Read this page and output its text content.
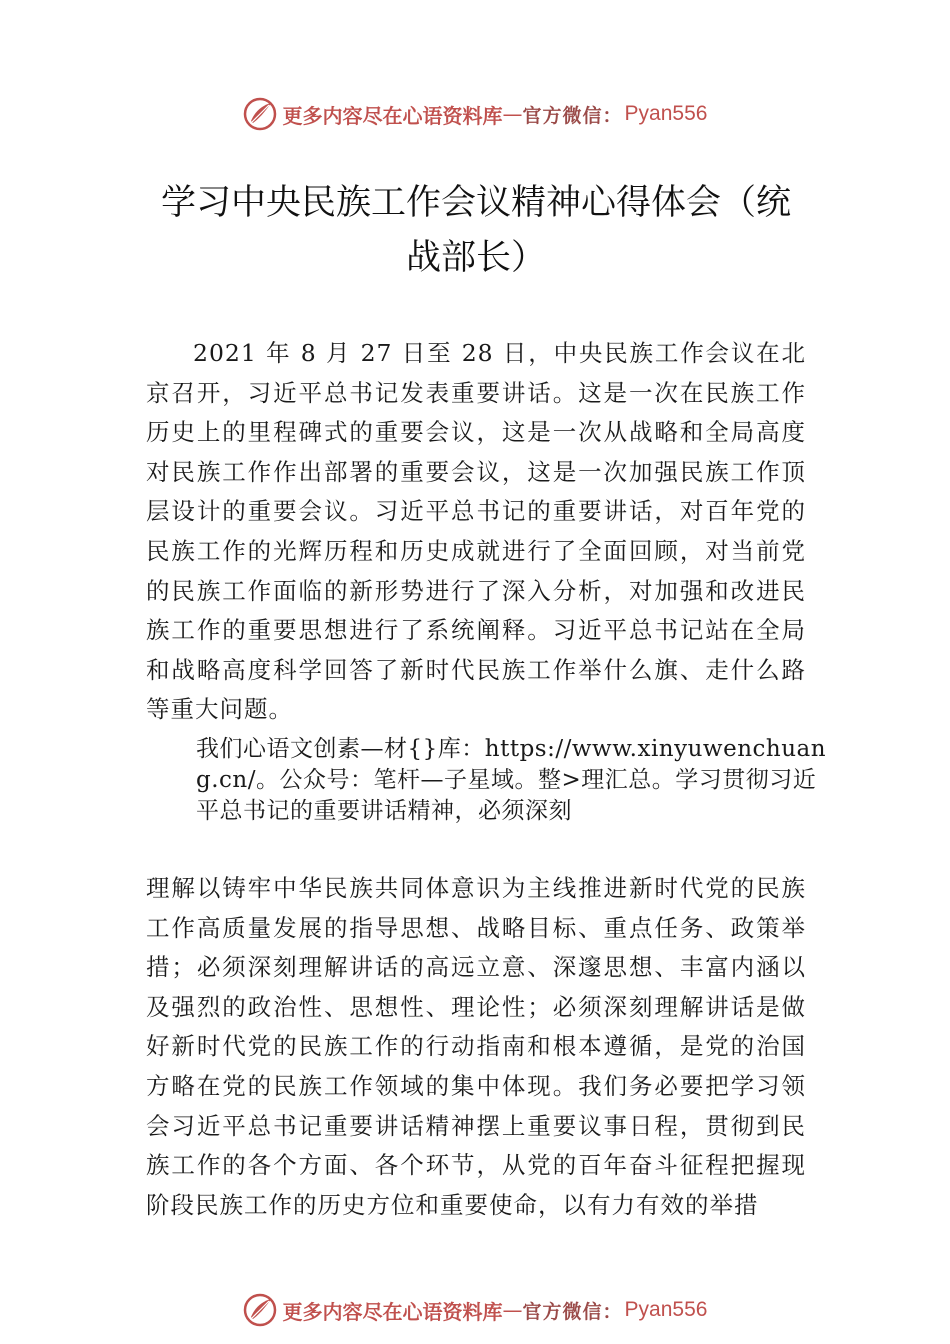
更多内容尽在心语资料库 — 官方微信： Pyan556
学习中央民族工作会议精神心得体会（统战部长）

2021 年 8 月 27 日至 28 日，中央民族工作会议在北京召开，习近平总书记发表重要讲话。这是一次在民族工作历史上的里程碑式的重要会议，这是一次从战略和全局高度对民族工作作出部署的重要会议，这是一次加强民族工作顶层设计的重要会议。习近平总书记的重要讲话，对百年党的民族工作的光辉历程和历史成就进行了全面回顾，对当前党的民族工作面临的新形势进行了深入分析，对加强和改进民族工作的重要思想进行了系统阐释。习近平总书记站在全局和战略高度科学回答了新时代民族工作举什么旗、走什么路等重大问题。

我们心语文创素—材{}库：https://www.xinyuwenchuang.cn/。公众号：笔杆—子星域。整>理汇总。学习贯彻习近平总书记的重要讲话精神，必须深刻

理解以铸牢中华民族共同体意识为主线推进新时代党的民族工作高质量发展的指导思想、战略目标、重点任务、政策举措；必须深刻理解讲话的高远立意、深邃思想、丰富内涵以及强烈的政治性、思想性、理论性；必须深刻理解讲话是做好新时代党的民族工作的行动指南和根本遵循，是党的治国方略在党的民族工作领域的集中体现。我们务必要把学习领会习近平总书记重要讲话精神摆上重要议事日程，贯彻到民族工作的各个方面、各个环节，从党的百年奋斗征程把握现阶段民族工作的历史方位和重要使命，以有力有效的举措

更多内容尽在心语资料库 — 官方微信： Pyan556
